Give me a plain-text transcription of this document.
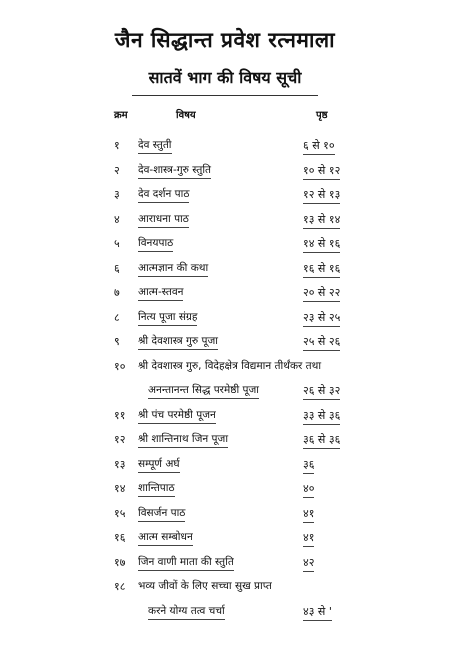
जैन सिद्धान्त प्रवेश रत्नमाला
सातवें भाग की विषय सूची
क्रम	विषय	पृष्ठ
१	देव स्तुती	६ से १०
२	देव-शास्त्र-गुरु स्तुति	१० से १२
३	देव दर्शन पाठ	१२ से १३
४	आराधना पाठ	१३ से १४
५	विनयपाठ	१४ से १६
६	आत्मज्ञान की कथा	१६ से १६
७	आत्म-स्तवन	२० से २२
८	नित्य पूजा संग्रह	२३ से २५
९	श्री देवशास्त्र गुरु पूजा	२५ से २६
१०	श्री देवशास्त्र गुरु, विदेहक्षेत्र विद्यमान तीर्थंकर तथा
अनन्तानन्त सिद्ध परमेष्ठी पूजा	२६ से ३२
११	श्री पंच परमेष्ठी पूजन	३३ से ३६
१२	श्री शान्तिनाथ जिन पूजा	३६ से ३६
१३	सम्पूर्ण अर्घ	३६
१४	शान्तिपाठ	४०
१५	विसर्जन पाठ	४१
१६	आत्म सम्बोधन	४१
१७	जिन वाणी माता की स्तुति	४२
१८	भव्य जीवों के लिए सच्चा सुख प्राप्त
करने योग्य तत्व चर्चा	४३ से '
